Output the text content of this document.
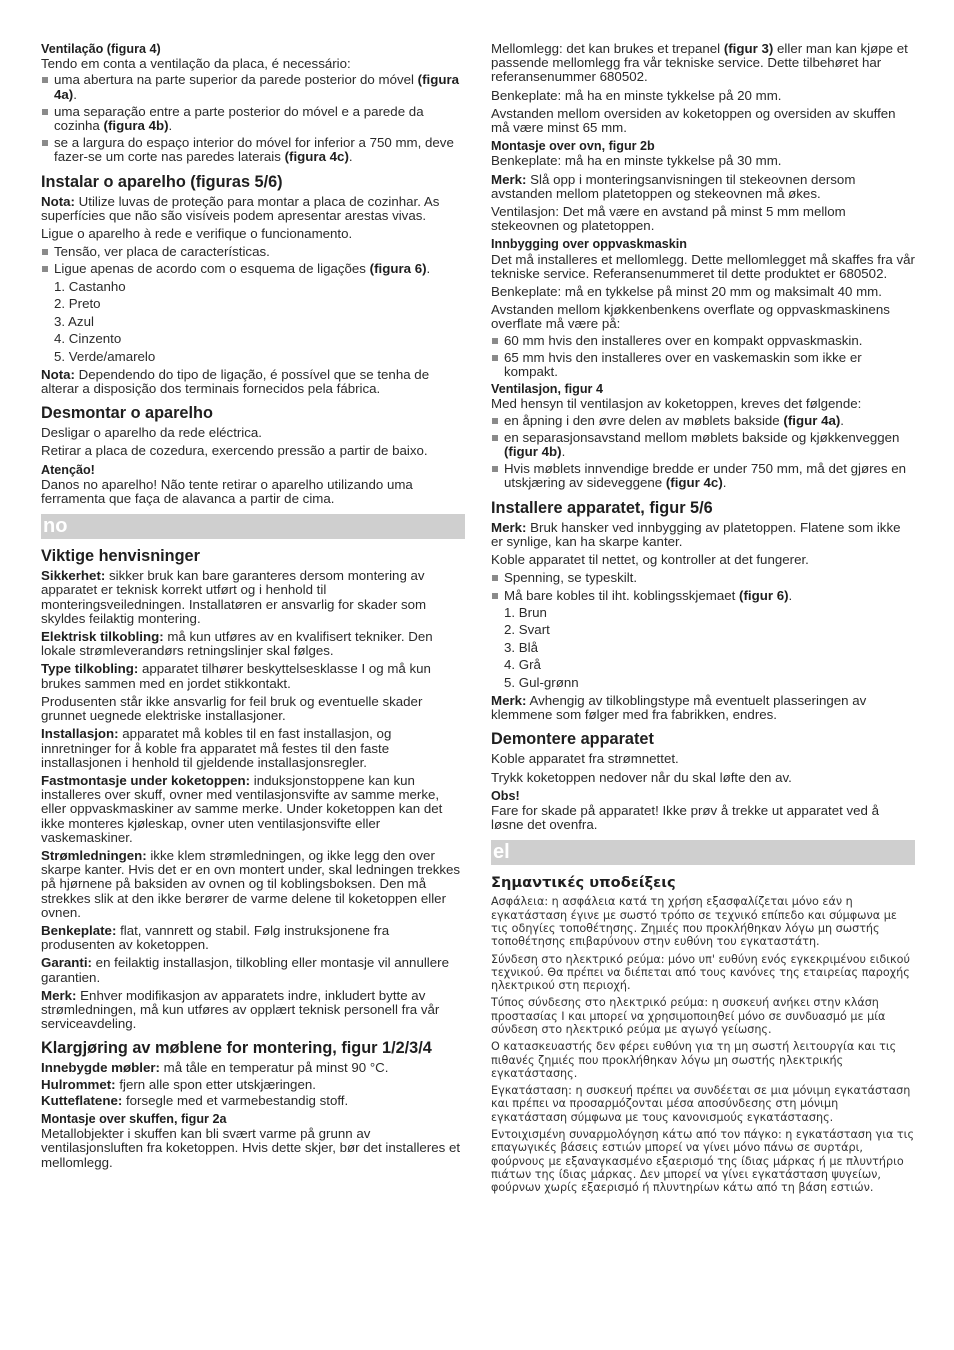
Ventilação (figura 4)

Tendo em conta a ventilação da placa, é necessário:

uma abertura na parte superior da parede posterior do móvel (figura 4a).
uma separação entre a parte posterior do móvel e a parede da cozinha (figura 4b).
se a largura do espaço interior do móvel for inferior a 750 mm, deve fazer-se um corte nas paredes laterais (figura 4c).
Instalar o aparelho (figuras 5/6)

Nota: Utilize luvas de proteção para montar a placa de cozinhar. As superfícies que não são visíveis podem apresentar arestas vivas.

Ligue o aparelho à rede e verifique o funcionamento.

Tensão, ver placa de características.
Ligue apenas de acordo com o esquema de ligações (figura 6).
1. Castanho
2. Preto
3. Azul
4. Cinzento
5. Verde/amarelo

Nota: Dependendo do tipo de ligação, é possível que se tenha de alterar a disposição dos terminais fornecidos pela fábrica.

Desmontar o aparelho

Desligar o aparelho da rede eléctrica.

Retirar a placa de cozedura, exercendo pressão a partir de baixo.

Atenção!

Danos no aparelho! Não tente retirar o aparelho utilizando uma ferramenta que faça de alavanca a partir de cima.

no
Viktige henvisninger

Sikkerhet: sikker bruk kan bare garanteres dersom montering av apparatet er teknisk korrekt utført og i henhold til monteringsveiledningen. Installatøren er ansvarlig for skader som skyldes feilaktig montering.

Elektrisk tilkobling: må kun utføres av en kvalifisert tekniker. Den lokale strømleverandørs retningslinjer skal følges.

Type tilkobling: apparatet tilhører beskyttelsesklasse I og må kun brukes sammen med en jordet stikkontakt.

Produsenten står ikke ansvarlig for feil bruk og eventuelle skader grunnet uegnede elektriske installasjoner.

Installasjon: apparatet må kobles til en fast installasjon, og innretninger for å koble fra apparatet må festes til den faste installasjonen i henhold til gjeldende installasjonsregler.

Fastmontasje under koketoppen: induksjonstoppene kan kun installeres over skuff, ovner med ventilasjonsvifte av samme merke, eller oppvaskmaskiner av samme merke. Under koketoppen kan det ikke monteres kjøleskap, ovner uten ventilasjonsvifte eller vaskemaskiner.

Strømledningen: ikke klem strømledningen, og ikke legg den over skarpe kanter. Hvis det er en ovn montert under, skal ledningen trekkes på hjørnene på baksiden av ovnen og til koblingsboksen. Den må strekkes slik at den ikke berører de varme delene til koketoppen eller ovnen.

Benkeplate: flat, vannrett og stabil. Følg instruksjonene fra produsenten av koketoppen.

Garanti: en feilaktig installasjon, tilkobling eller montasje vil annullere garantien.

Merk: Enhver modifikasjon av apparatets indre, inkludert bytte av strømledningen, må kun utføres av opplært teknisk personell fra vår serviceavdeling.

Klargjøring av møblene for montering, figur 1/2/3/4

Innebygde møbler: må tåle en temperatur på minst 90 °C.

Hulrommet: fjern alle spon etter utskjæringen.

Kutteflatene: forsegle med et varmebestandig stoff.

Montasje over skuffen, figur 2a

Metallobjekter i skuffen kan bli svært varme på grunn av ventilasjonsluften fra koketoppen. Hvis dette skjer, bør det installeres et mellomlegg.

Mellomlegg: det kan brukes et trepanel (figur 3) eller man kan kjøpe et passende mellomlegg fra vår tekniske service. Dette tilbehøret har referansenummer 680502.

Benkeplate: må ha en minste tykkelse på 20 mm.

Avstanden mellom oversiden av koketoppen og oversiden av skuffen må være minst 65 mm.

Montasje over ovn, figur 2b

Benkeplate: må ha en minste tykkelse på 30 mm.

Merk: Slå opp i monteringsanvisningen til stekeovnen dersom avstanden mellom platetoppen og stekeovnen må økes.

Ventilasjon: Det må være en avstand på minst 5 mm mellom stekeovnen og platetoppen.

Innbygging over oppvaskmaskin

Det må installeres et mellomlegg. Dette mellomlegget må skaffes fra vår tekniske service. Referansenummeret til dette produktet er 680502.

Benkeplate: må en tykkelse på minst 20 mm og maksimalt 40 mm.

Avstanden mellom kjøkkenbenkens overflate og oppvaskmaskinens overflate må være på:

60 mm hvis den installeres over en kompakt oppvaskmaskin.
65 mm hvis den installeres over en vaskemaskin som ikke er kompakt.

Ventilasjon, figur 4

Med hensyn til ventilasjon av koketoppen, kreves det følgende:

en åpning i den øvre delen av møblets bakside (figur 4a).
en separasjonsavstand mellom møblets bakside og kjøkkenveggen (figur 4b).
Hvis møblets innvendige bredde er under 750 mm, må det gjøres en utskjæring av sideveggene (figur 4c).
Installere apparatet, figur 5/6

Merk: Bruk hansker ved innbygging av platetoppen. Flatene som ikke er synlige, kan ha skarpe kanter.

Koble apparatet til nettet, og kontroller at det fungerer.

Spenning, se typeskilt.
Må bare kobles til iht. koblingsskjemaet (figur 6).
1. Brun
2. Svart
3. Blå
4. Grå
5. Gul-grønn

Merk: Avhengig av tilkoblingstype må eventuelt plasseringen av klemmene som følger med fra fabrikken, endres.

Demontere apparatet

Koble apparatet fra strømnettet.

Trykk koketoppen nedover når du skal løfte den av.

Obs!

Fare for skade på apparatet! Ikke prøv å trekke ut apparatet ved å løsne det ovenfra.

el
Σημαντικές υποδείξεις

Ασφάλεια: η ασφάλεια κατά τη χρήση εξασφαλίζεται μόνο εάν η εγκατάσταση έγινε με σωστό τρόπο σε τεχνικό επίπεδο και σύμφωνα με τις οδηγίες τοποθέτησης. Ζημιές που προκλήθηκαν λόγω μη σωστής τοποθέτησης επιβαρύνουν στην ευθύνη του εγκαταστάτη.

Σύνδεση στο ηλεκτρικό ρεύμα: μόνο υπ' ευθύνη ενός εγκεκριμένου ειδικού τεχνικού. Θα πρέπει να διέπεται από τους κανόνες της εταιρείας παροχής ηλεκτρικού στη περιοχή.

Τύπος σύνδεσης στο ηλεκτρικό ρεύμα: η συσκευή ανήκει στην κλάση προστασίας I και μπορεί να χρησιμοποιηθεί μόνο σε συνδυασμό με μία σύνδεση στο ηλεκτρικό ρεύμα με αγωγό γείωσης.

Ο κατασκευαστής δεν φέρει ευθύνη για τη μη σωστή λειτουργία και τις πιθανές ζημιές που προκλήθηκαν λόγω μη σωστής ηλεκτρικής εγκατάστασης.

Εγκατάσταση: η συσκευή πρέπει να συνδέεται σε μια μόνιμη εγκατάσταση και πρέπει να προσαρμόζονται μέσα αποσύνδεσης στη μόνιμη εγκατάσταση σύμφωνα με τους κανονισμούς εγκατάστασης.

Εντοιχισμένη συναρμολόγηση κάτω από τον πάγκο: η εγκατάσταση για τις επαγωγικές βάσεις εστιών μπορεί να γίνει μόνο πάνω σε συρτάρι, φούρνους με εξαναγκασμένο εξαερισμό της ίδιας μάρκας ή με πλυντήριο πιάτων της ίδιας μάρκας. Δεν μπορεί να γίνει εγκατάσταση ψυγείων, φούρνων χωρίς εξαερισμό ή πλυντηρίων κάτω από τη βάση εστιών.
